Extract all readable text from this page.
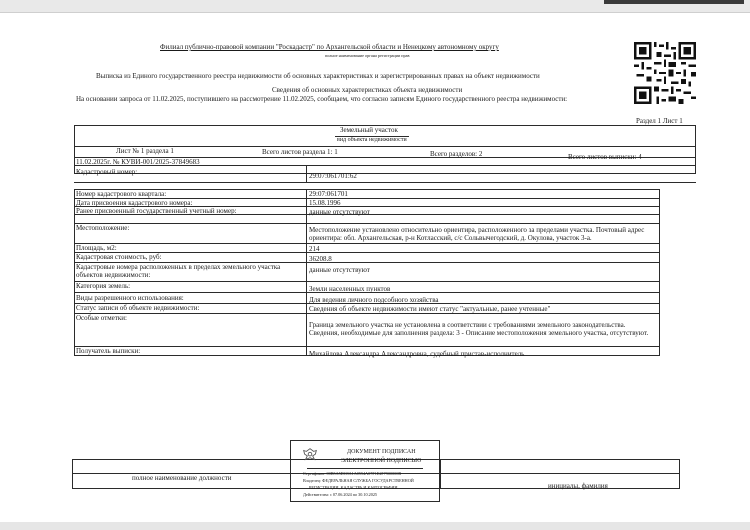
Филиал публично-правовой компании "Роскадастр" по Архангельской области и Ненецкому автономному округу
полное наименование органа регистрации прав
Выписка из Единого государственного реестра недвижимости об основных характеристиках и зарегистрированных правах на объект недвижимости
Сведения об основных характеристиках объекта недвижимости
На основании запроса от 11.02.2025, поступившего на рассмотрение 11.02.2025, сообщаем, что согласно записям Единого государственного реестра недвижимости:
Раздел 1 Лист 1
Земельный участок
вид объекта недвижимости
Лист № 1 раздела 1	Всего листов раздела 1: 1	Всего разделов: 2	Всего листов выписки: 4
11.02.2025г. № КУВИ-001/2025-37849683
Кадастровый номер:	29:07:061701:62
Номер кадастрового квартала:	29:07:061701
Дата присвоения кадастрового номера:	15.08.1996
Ранее присвоенный государственный учетный номер:	данные отсутствуют
Местоположение:	Местоположение установлено относительно ориентира, расположенного за пределами участка. Почтовый адрес ориентира: обл. Архангельская, р-н Котласский, с/с Сольвычегодский, д. Окулова, участок 3-а.
Площадь, м2:	214
Кадастровая стоимость, руб:	36208.8
Кадастровые номера расположенных в пределах земельного участка объектов недвижимости:
данные отсутствуют
Категория земель:	Земли населенных пунктов
Виды разрешенного использования:	Для ведения личного подсобного хозяйства
Статус записи об объекте недвижимости:	Сведения об объекте недвижимости имеют статус "актуальные, ранее учтенные"
Особые отметки:
Граница земельного участка не установлена в соответствии с требованиями земельного законодательства. Сведения, необходимые для заполнения раздела: 3 - Описание местоположения земельного участка, отсутствуют.
Получатель выписки:	Михайлова Александра Александровна, судебный пристав-исполнитель
полное наименование должности
инициалы, фамилия
ДОКУМЕНТ ПОДПИСАН
ЭЛЕКТРОННОЙ ПОДПИСЬЮ
Сертификат: 00B5A5DC8A1A0554A07F1E2F7900000B
Владелец: ФЕДЕРАЛЬНАЯ СЛУЖБА ГОСУДАРСТВЕННОЙ
РЕГИСТРАЦИИ, КАДАСТРА И КАРТОГРАФИИ
Действителен: с 07.06.2024 по 30.10.2025
